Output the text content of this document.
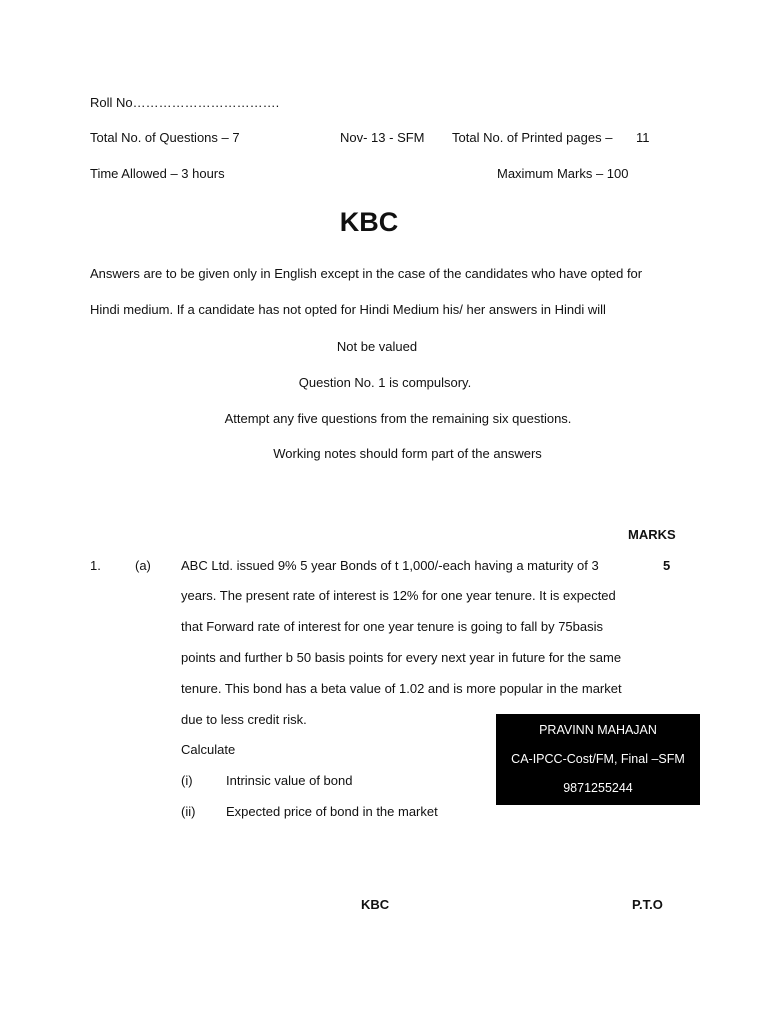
Roll No…………………………….
Total No. of Questions – 7	Nov- 13 - SFM Total No. of Printed pages – 11
Time Allowed – 3 hours	Maximum Marks – 100
KBC
Answers are to be given only in English except in the case of the candidates who have opted for
Hindi medium. If a candidate has not opted for Hindi Medium his/ her answers in Hindi will
Not be valued
Question No. 1 is compulsory.
Attempt any five questions from the remaining six questions.
Working notes should form part of the answers
MARKS
1.	(a)	5
ABC Ltd. issued 9% 5 year Bonds of t 1,000/-each having a maturity of 3
years. The present rate of interest is 12% for one year tenure. It is expected
that Forward rate of interest for one year tenure is going to fall by 75basis
points and further b 50 basis points for every next year in future for the same
tenure. This bond has a beta value of 1.02 and is more popular in the market
due to less credit risk.
Calculate
(i)	Intrinsic value of bond
(ii) Expected price of bond in the market
PRAVINN MAHAJAN
CA-IPCC-Cost/FM, Final –SFM
9871255244
KBC	P.T.O
